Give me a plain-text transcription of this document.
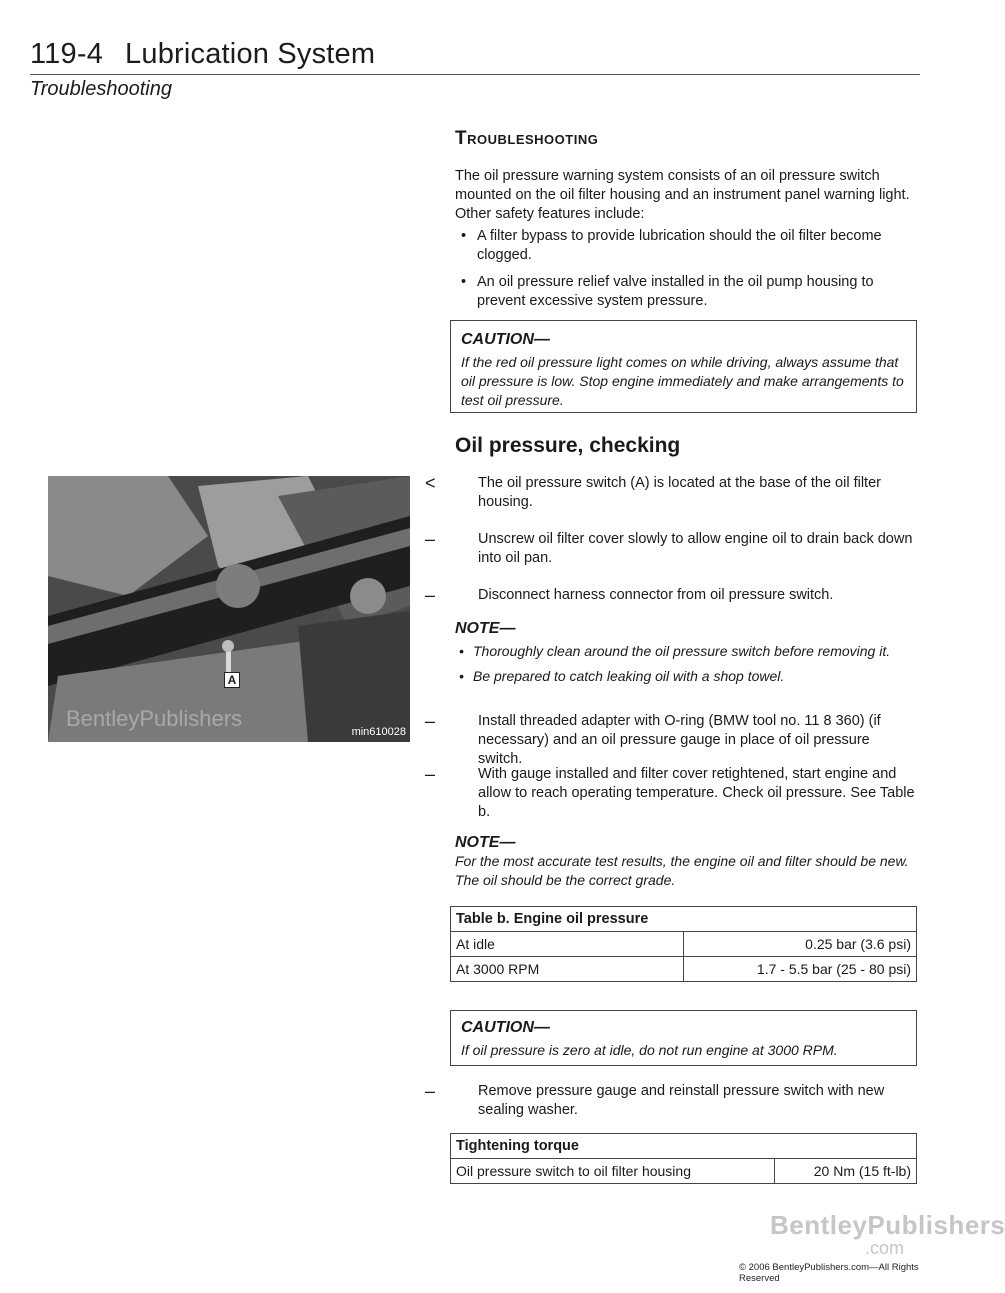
119-4 Lubrication System
Troubleshooting
Troubleshooting

The oil pressure warning system consists of an oil pressure switch mounted on the oil filter housing and an instrument panel warning light. Other safety features include:

• A filter bypass to provide lubrication should the oil filter become clogged.
• An oil pressure relief valve installed in the oil pump housing to prevent excessive system pressure.
CAUTION—
If the red oil pressure light comes on while driving, always assume that oil pressure is low. Stop engine immediately and make arrangements to test oil pressure.
Oil pressure, checking
A
BentleyPublishers
min610028
<	The oil pressure switch (A) is located at the base of the oil filter housing.
–	Unscrew oil filter cover slowly to allow engine oil to drain back down into oil pan.
–	Disconnect harness connector from oil pressure switch.
NOTE—
• Thoroughly clean around the oil pressure switch before removing it.
• Be prepared to catch leaking oil with a shop towel.
–	Install threaded adapter with O-ring (BMW tool no. 11 8 360) (if necessary) and an oil pressure gauge in place of oil pressure switch.
–	With gauge installed and filter cover retightened, start engine and allow to reach operating temperature. Check oil pressure. See Table b.
NOTE—
For the most accurate test results, the engine oil and filter should be new. The oil should be the correct grade.
Table b. Engine oil pressure	
At idle	0.25 bar (3.6 psi)
At 3000 RPM	1.7 - 5.5 bar (25 - 80 psi)
CAUTION—
If oil pressure is zero at idle, do not run engine at 3000 RPM.
–	Remove pressure gauge and reinstall pressure switch with new sealing washer.
Tightening torque
Oil pressure switch to oil filter housing	20 Nm (15 ft-lb)
BentleyPublishers
.com
© 2006 BentleyPublishers.com—All Rights Reserved
